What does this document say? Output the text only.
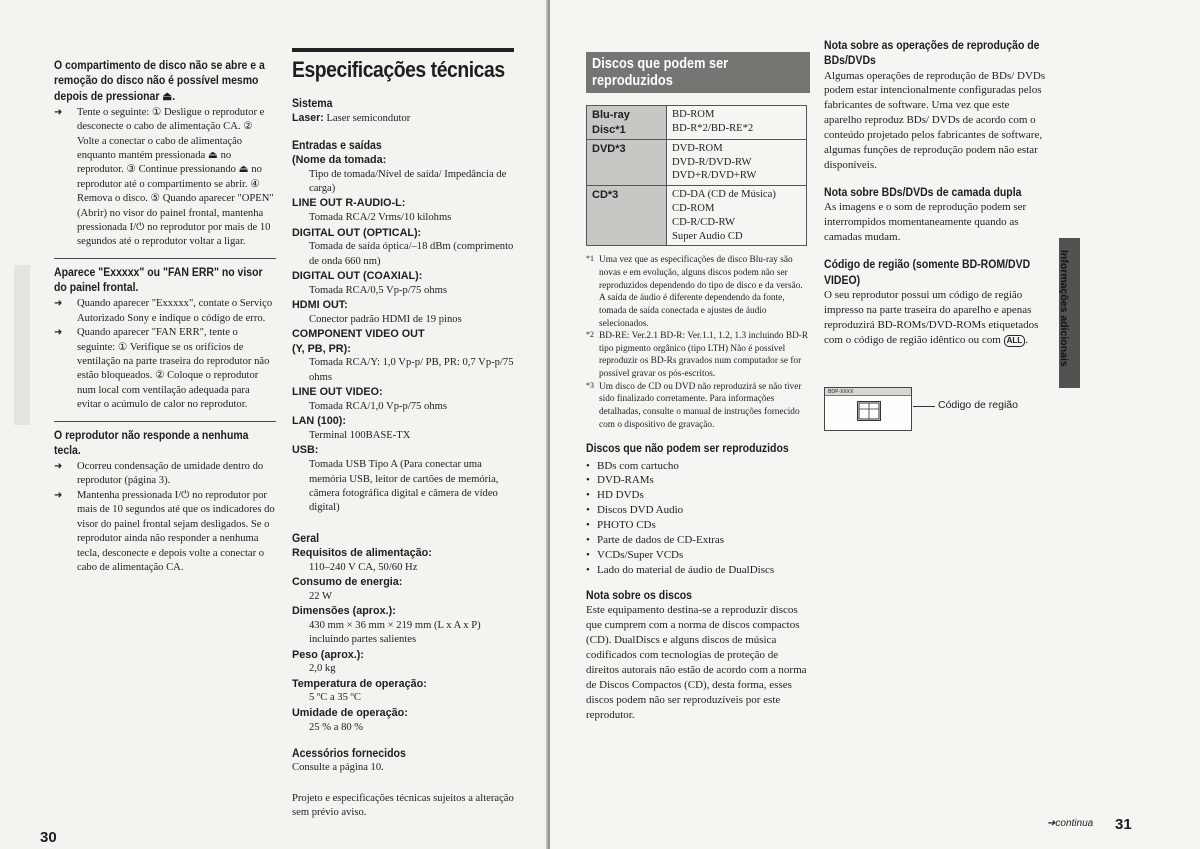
O compartimento de disco não se abre e a remoção do disco não é possível mesmo depois de pressionar ⏏.
➜	Tente o seguinte: ① Desligue o reprodutor e desconecte o cabo de alimentação CA. ② Volte a conectar o cabo de alimentação enquanto mantém pressionada ⏏ no reprodutor. ③ Continue pressionando ⏏ no reprodutor até o compartimento se abrir. ④ Remova o disco. ⑤ Quando aparecer "OPEN" (Abrir) no visor do painel frontal, mantenha pressionada I/⏻ no reprodutor por mais de 10 segundos até o reprodutor voltar a ligar.
Aparece "Exxxxx" ou "FAN ERR" no visor do painel frontal.
➜	Quando aparecer "Exxxxx", contate o Serviço Autorizado Sony e indique o código de erro.
➜	Quando aparecer "FAN ERR", tente o seguinte: ① Verifique se os orifícios de ventilação na parte traseira do reprodutor não estão bloqueados. ② Coloque o reprodutor num local com ventilação adequada para evitar o acúmulo de calor no reprodutor.
O reprodutor não responde a nenhuma tecla.
➜	Ocorreu condensação de umidade dentro do reprodutor (página 3).
➜	Mantenha pressionada I/⏻ no reprodutor por mais de 10 segundos até que os indicadores do visor do painel frontal sejam desligados. Se o reprodutor ainda não responder a nenhuma tecla, desconecte e depois volte a conectar o cabo de alimentação CA.
Especificações técnicas
Sistema
Laser: Laser semicondutor
Entradas e saídas
(Nome da tomada:
Tipo de tomada/Nível de saída/ Impedância de carga)
LINE OUT R-AUDIO-L:
Tomada RCA/2 Vrms/10 kilohms
DIGITAL OUT (OPTICAL):
Tomada de saída óptica/–18 dBm (comprimento de onda 660 nm)
DIGITAL OUT (COAXIAL):
Tomada RCA/0,5 Vp-p/75 ohms
HDMI OUT:
Conector padrão HDMI de 19 pinos
COMPONENT VIDEO OUT
(Y, PB, PR):
Tomada RCA/Y: 1,0 Vp-p/ PB, PR: 0,7 Vp-p/75 ohms
LINE OUT VIDEO:
Tomada RCA/1,0 Vp-p/75 ohms
LAN (100):
Terminal 100BASE-TX
USB:
Tomada USB Tipo A (Para conectar uma memória USB, leitor de cartões de memória, câmera fotográfica digital e câmera de vídeo digital)
Geral
Requisitos de alimentação:
110–240 V CA, 50/60 Hz
Consumo de energia:
22 W
Dimensões (aprox.):
430 mm × 36 mm × 219 mm (L x A x P) incluindo partes salientes
Peso (aprox.):
2,0 kg
Temperatura de operação:
5 ºC a 35 ºC
Umidade de operação:
25 % a 80 %
Acessórios fornecidos
Consulte a página 10.
Projeto e especificações técnicas sujeitos a alteração sem prévio aviso.
30
Discos que podem ser reproduzidos
Blu-ray Disc*1	BD-ROM
BD-R*2/BD-RE*2
DVD*3	DVD-ROM
DVD-R/DVD-RW
DVD+R/DVD+RW
CD*3	CD-DA (CD de Música)
CD-ROM
CD-R/CD-RW
Super Audio CD
*1 Uma vez que as especificações de disco Blu-ray são novas e em evolução, alguns discos podem não ser reproduzidos dependendo do tipo de disco e da versão. A saída de áudio é diferente dependendo da fonte, tomada de saída conectada e ajustes de áudio selecionados.
*2 BD-RE: Ver.2.1 BD-R: Ver.1.1, 1.2, 1.3 incluindo BD-R tipo pigmento orgânico (tipo LTH) Não é possível reproduzir os BD-Rs gravados num computador se for possível gravar os pós-escritos.
*3 Um disco de CD ou DVD não reproduzirá se não tiver sido finalizado corretamente. Para informações detalhadas, consulte o manual de instruções fornecido com o dispositivo de gravação.
Discos que não podem ser reproduzidos
• BDs com cartucho
• DVD-RAMs
• HD DVDs
• Discos DVD Audio
• PHOTO CDs
• Parte de dados de CD-Extras
• VCDs/Super VCDs
• Lado do material de áudio de DualDiscs
Nota sobre os discos
Este equipamento destina-se a reproduzir discos que cumprem com a norma de discos compactos (CD). DualDiscs e alguns discos de música codificados com tecnologias de proteção de direitos autorais não estão de acordo com a norma de Discos Compactos (CD), desta forma, esses discos podem não ser reproduzíveis por este reprodutor.
Nota sobre as operações de reprodução de BDs/DVDs
Algumas operações de reprodução de BDs/ DVDs podem estar intencionalmente configuradas pelos fabricantes de software. Uma vez que este aparelho reproduz BDs/ DVDs de acordo com o conteúdo projetado pelos fabricantes de software, algumas funções de reprodução podem não estar disponíveis.
Nota sobre BDs/DVDs de camada dupla
As imagens e o som de reprodução podem ser interrompidos momentaneamente quando as camadas mudam.
Código de região (somente BD-ROM/DVD VIDEO)
O seu reprodutor possui um código de região impresso na parte traseira do aparelho e apenas reproduzirá BD-ROMs/DVD-ROMs etiquetados com o código de região idêntico ou com ALL .
BDP-XXXX
Código de região
Informações adicionais
➔continua 31
